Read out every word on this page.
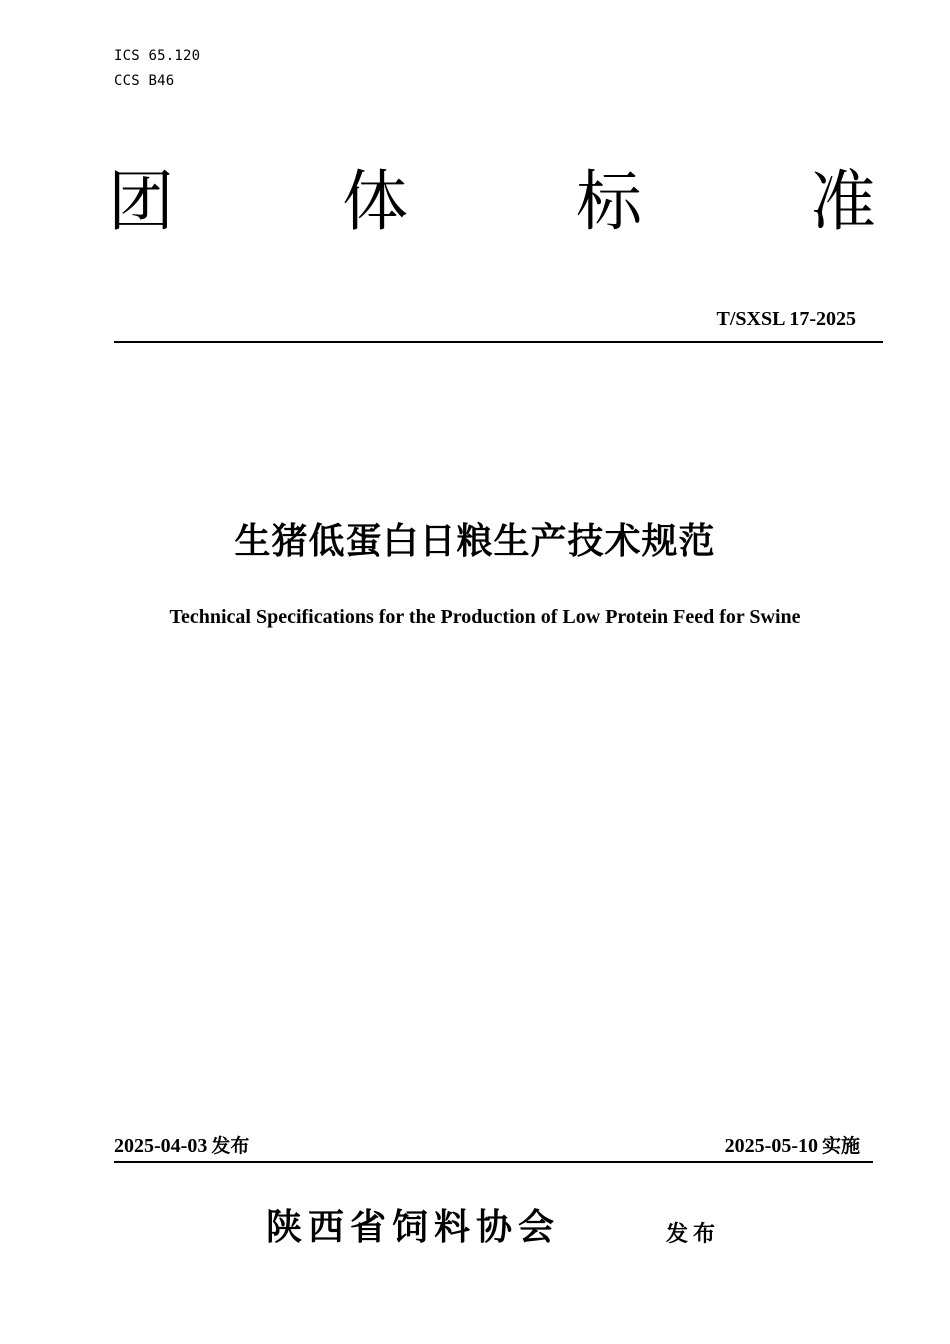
ICS 65.120
CCS B46
团	体	标	准
T/SXSL 17-2025
生猪低蛋白日粮生产技术规范
Technical Specifications for the Production of Low Protein Feed for Swine
2025-04-03 发布	2025-05-10 实施
陕西省饲料协会	发布
